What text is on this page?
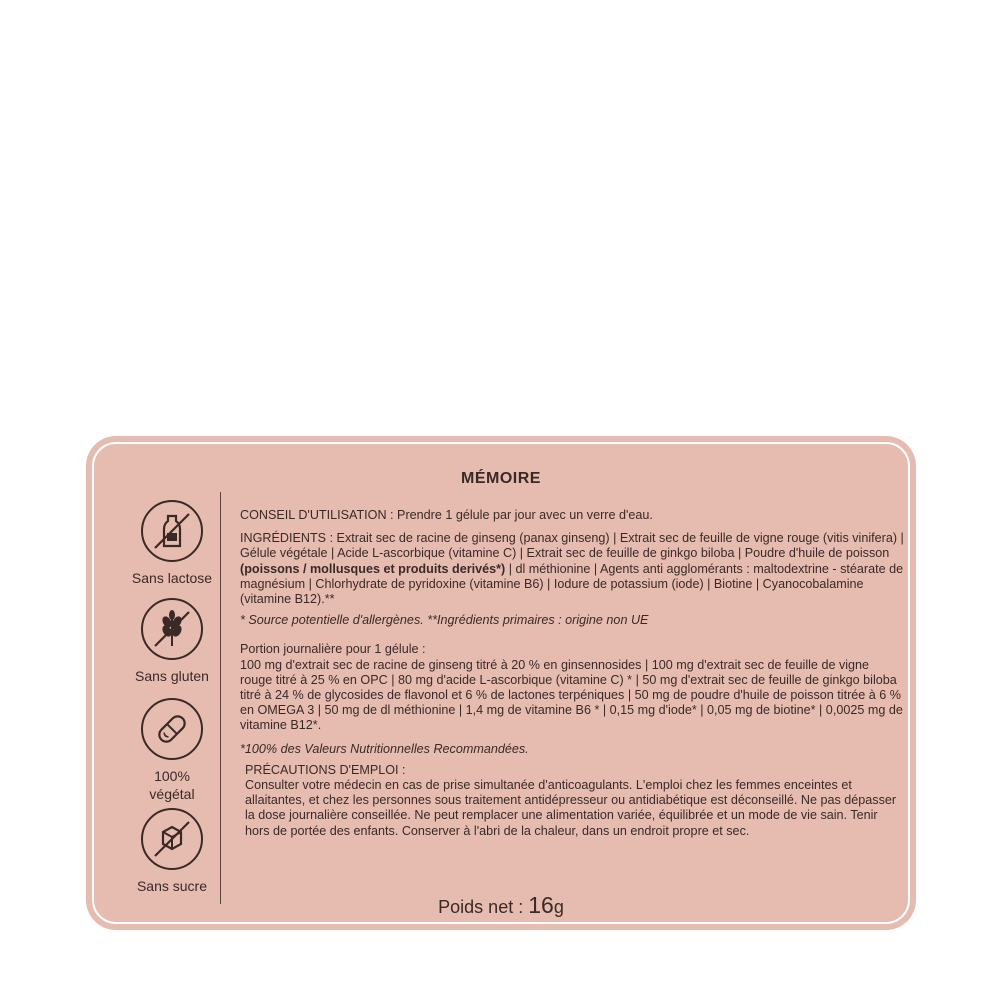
MÉMOIRE
Sans lactose
Sans gluten
100% végétal
Sans sucre

CONSEIL D'UTILISATION : Prendre 1 gélule par jour avec un verre d'eau.

INGRÉDIENTS : Extrait sec de racine de ginseng (panax ginseng) | Extrait sec de feuille de vigne rouge (vitis vinifera) | Gélule végétale | Acide L-ascorbique (vitamine C) | Extrait sec de feuille de ginkgo biloba | Poudre d'huile de poisson (poissons / mollusques et produits derivés*) | dl méthionine | Agents anti agglomérants : maltodextrine - stéarate de magnésium | Chlorhydrate de pyridoxine (vitamine B6) | Iodure de potassium (iode) | Biotine | Cyanocobalamine (vitamine B12).**

* Source potentielle d'allergènes. **Ingrédients primaires : origine non UE

Portion journalière pour 1 gélule :

100 mg d'extrait sec de racine de ginseng titré à 20 % en ginsennosides | 100 mg d'extrait sec de feuille de vigne rouge titré à 25 % en OPC | 80 mg d'acide L-ascorbique (vitamine C) * | 50 mg d'extrait sec de feuille de ginkgo biloba titré à 24 % de glycosides de flavonol et 6 % de lactones terpéniques | 50 mg de poudre d'huile de poisson titrée à 6 % en OMEGA 3 | 50 mg de dl méthionine | 1,4 mg de vitamine B6 * | 0,15 mg d'iode* | 0,05 mg de biotine* | 0,0025 mg de vitamine B12*.

*100% des Valeurs Nutritionnelles Recommandées.

PRÉCAUTIONS D'EMPLOI :

Consulter votre médecin en cas de prise simultanée d'anticoagulants. L'emploi chez les femmes enceintes et allaitantes, et chez les personnes sous traitement antidépresseur ou antidiabétique est déconseillé. Ne pas dépasser la dose journalière conseillée. Ne peut remplacer une alimentation variée, équilibrée et un mode de vie sain. Tenir hors de portée des enfants. Conserver à l'abri de la chaleur, dans un endroit propre et sec.

Poids net : 16g
